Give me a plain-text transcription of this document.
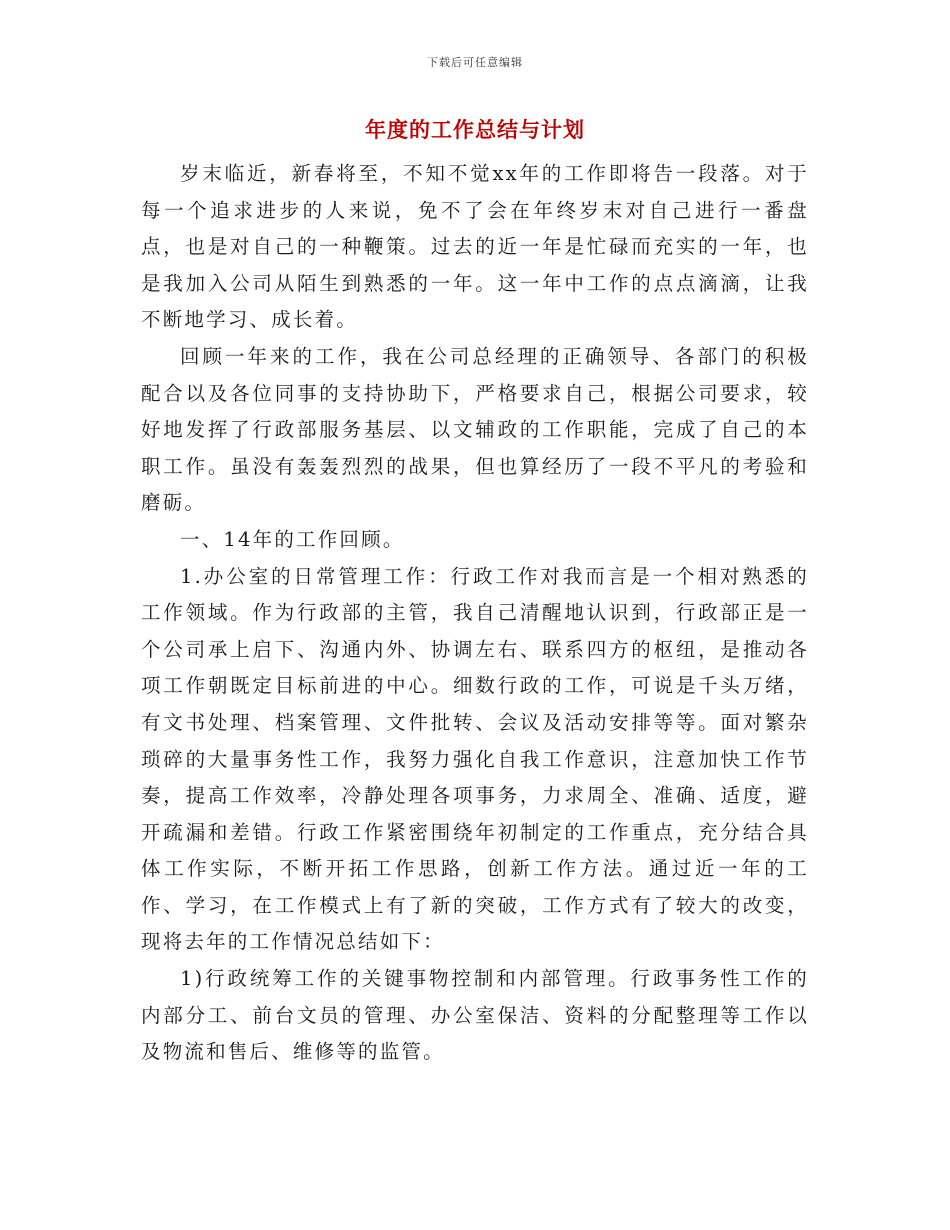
下载后可任意编辑
年度的工作总结与计划

岁末临近，新春将至，不知不觉xx年的工作即将告一段落。对于每一个追求进步的人来说，免不了会在年终岁末对自己进行一番盘点，也是对自己的一种鞭策。过去的近一年是忙碌而充实的一年，也是我加入公司从陌生到熟悉的一年。这一年中工作的点点滴滴，让我不断地学习、成长着。

回顾一年来的工作，我在公司总经理的正确领导、各部门的积极配合以及各位同事的支持协助下，严格要求自己，根据公司要求，较好地发挥了行政部服务基层、以文辅政的工作职能，完成了自己的本职工作。虽没有轰轰烈烈的战果，但也算经历了一段不平凡的考验和磨砺。

一、14年的工作回顾。

1.办公室的日常管理工作：行政工作对我而言是一个相对熟悉的工作领域。作为行政部的主管，我自己清醒地认识到，行政部正是一个公司承上启下、沟通内外、协调左右、联系四方的枢纽，是推动各项工作朝既定目标前进的中心。细数行政的工作，可说是千头万绪，有文书处理、档案管理、文件批转、会议及活动安排等等。面对繁杂琐碎的大量事务性工作，我努力强化自我工作意识，注意加快工作节奏，提高工作效率，冷静处理各项事务，力求周全、准确、适度，避开疏漏和差错。行政工作紧密围绕年初制定的工作重点，充分结合具体工作实际，不断开拓工作思路，创新工作方法。通过近一年的工作、学习，在工作模式上有了新的突破，工作方式有了较大的改变，现将去年的工作情况总结如下：

1)行政统筹工作的关键事物控制和内部管理。行政事务性工作的内部分工、前台文员的管理、办公室保洁、资料的分配整理等工作以及物流和售后、维修等的监管。
